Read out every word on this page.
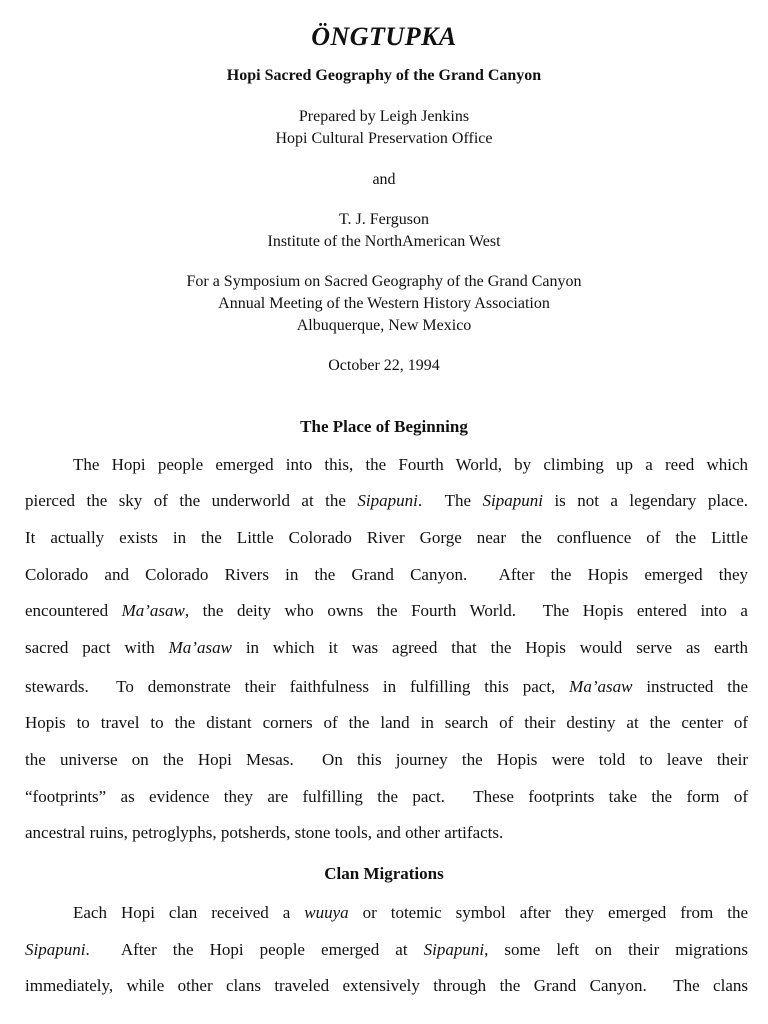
ÖNGTUPKA
Hopi Sacred Geography of the Grand Canyon
Prepared by Leigh Jenkins
Hopi Cultural Preservation Office
and
T. J. Ferguson
Institute of the NorthAmerican West
For a Symposium on Sacred Geography of the Grand Canyon
Annual Meeting of the Western History Association
Albuquerque, New Mexico
October 22, 1994
The Place of Beginning
The Hopi people emerged into this, the Fourth World, by climbing up a reed which
pierced the sky of the underworld at the Sipapuni.  The Sipapuni is not a legendary place.
It actually exists in the Little Colorado River Gorge near the confluence of the Little
Colorado and Colorado Rivers in the Grand Canyon.  After the Hopis emerged they
encountered Ma’asaw, the deity who owns the Fourth World.  The Hopis entered into a
sacred pact with Ma’asaw in which it was agreed that the Hopis would serve as earth
stewards.  To demonstrate their faithfulness in fulfilling this pact, Ma’asaw instructed the
Hopis to travel to the distant corners of the land in search of their destiny at the center of
the universe on the Hopi Mesas.  On this journey the Hopis were told to leave their
“footprints” as evidence they are fulfilling the pact.  These footprints take the form of
ancestral ruins, petroglyphs, potsherds, stone tools, and other artifacts.
Clan Migrations
Each Hopi clan received a wuuya or totemic symbol after they emerged from the
Sipapuni.  After the Hopi people emerged at Sipapuni, some left on their migrations
immediately, while other clans traveled extensively through the Grand Canyon.  The clans
